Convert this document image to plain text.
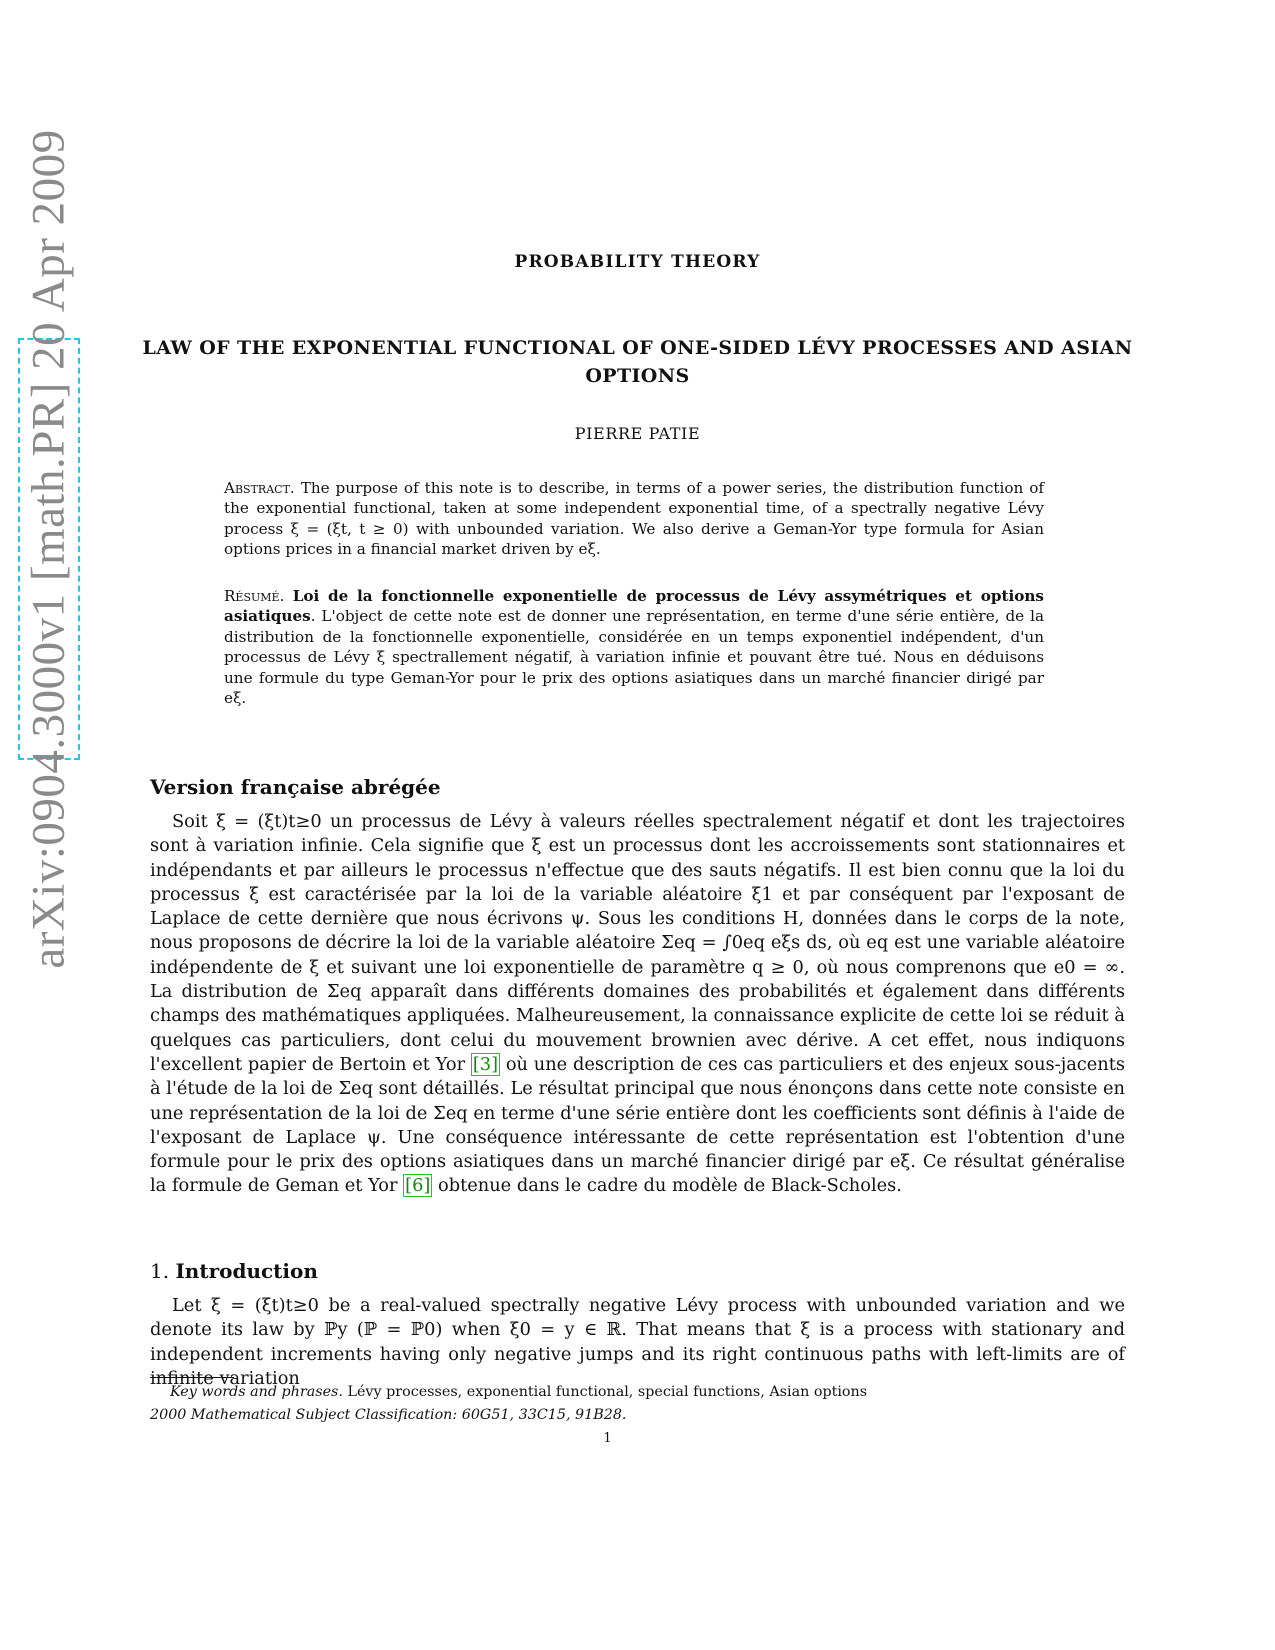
arXiv:0904.3000v1 [math.PR] 20 Apr 2009	PROBABILITY THEORY
LAW OF THE EXPONENTIAL FUNCTIONAL OF ONE-SIDED LÉVY PROCESSES AND ASIAN OPTIONS
PIERRE PATIE
Abstract. The purpose of this note is to describe, in terms of a power series, the distribution function of the exponential functional, taken at some independent exponential time, of a spectrally negative Lévy process ξ = (ξt, t ≥ 0) with unbounded variation. We also derive a Geman-Yor type formula for Asian options prices in a financial market driven by eξ.
Résumé. Loi de la fonctionnelle exponentielle de processus de Lévy assymétriques et options asiatiques. L'object de cette note est de donner une représentation, en terme d'une série entière, de la distribution de la fonctionnelle exponentielle, considérée en un temps exponentiel indépendent, d'un processus de Lévy ξ spectrallement négatif, à variation infinie et pouvant être tué. Nous en déduisons une formule du type Geman-Yor pour le prix des options asiatiques dans un marché financier dirigé par eξ.
Version française abrégée
Soit ξ = (ξt)t≥0 un processus de Lévy à valeurs réelles spectralement négatif et dont les trajectoires sont à variation infinie. Cela signifie que ξ est un processus dont les accroissements sont stationnaires et indépendants et par ailleurs le processus n'effectue que des sauts négatifs. Il est bien connu que la loi du processus ξ est caractérisée par la loi de la variable aléatoire ξ1 et par conséquent par l'exposant de Laplace de cette dernière que nous écrivons ψ. Sous les conditions H, données dans le corps de la note, nous proposons de décrire la loi de la variable aléatoire Σeq = ∫0eq eξs ds, où eq est une variable aléatoire indépendente de ξ et suivant une loi exponentielle de paramètre q ≥ 0, où nous comprenons que e0 = ∞. La distribution de Σeq apparaît dans différents domaines des probabilités et également dans différents champs des mathématiques appliquées. Malheureusement, la connaissance explicite de cette loi se réduit à quelques cas particuliers, dont celui du mouvement brownien avec dérive. A cet effet, nous indiquons l'excellent papier de Bertoin et Yor [3] où une description de ces cas particuliers et des enjeux sous-jacents à l'étude de la loi de Σeq sont détaillés. Le résultat principal que nous énonçons dans cette note consiste en une représentation de la loi de Σeq en terme d'une série entière dont les coefficients sont définis à l'aide de l'exposant de Laplace ψ. Une conséquence intéressante de cette représentation est l'obtention d'une formule pour le prix des options asiatiques dans un marché financier dirigé par eξ. Ce résultat généralise la formule de Geman et Yor [6] obtenue dans le cadre du modèle de Black-Scholes.
1. Introduction
Let ξ = (ξt)t≥0 be a real-valued spectrally negative Lévy process with unbounded variation and we denote its law by ℙy (ℙ = ℙ0) when ξ0 = y ∈ ℝ. That means that ξ is a process with stationary and independent increments having only negative jumps and its right continuous paths with left-limits are of infinite variation
Key words and phrases. Lévy processes, exponential functional, special functions, Asian options
2000 Mathematical Subject Classification: 60G51, 33C15, 91B28.
1
